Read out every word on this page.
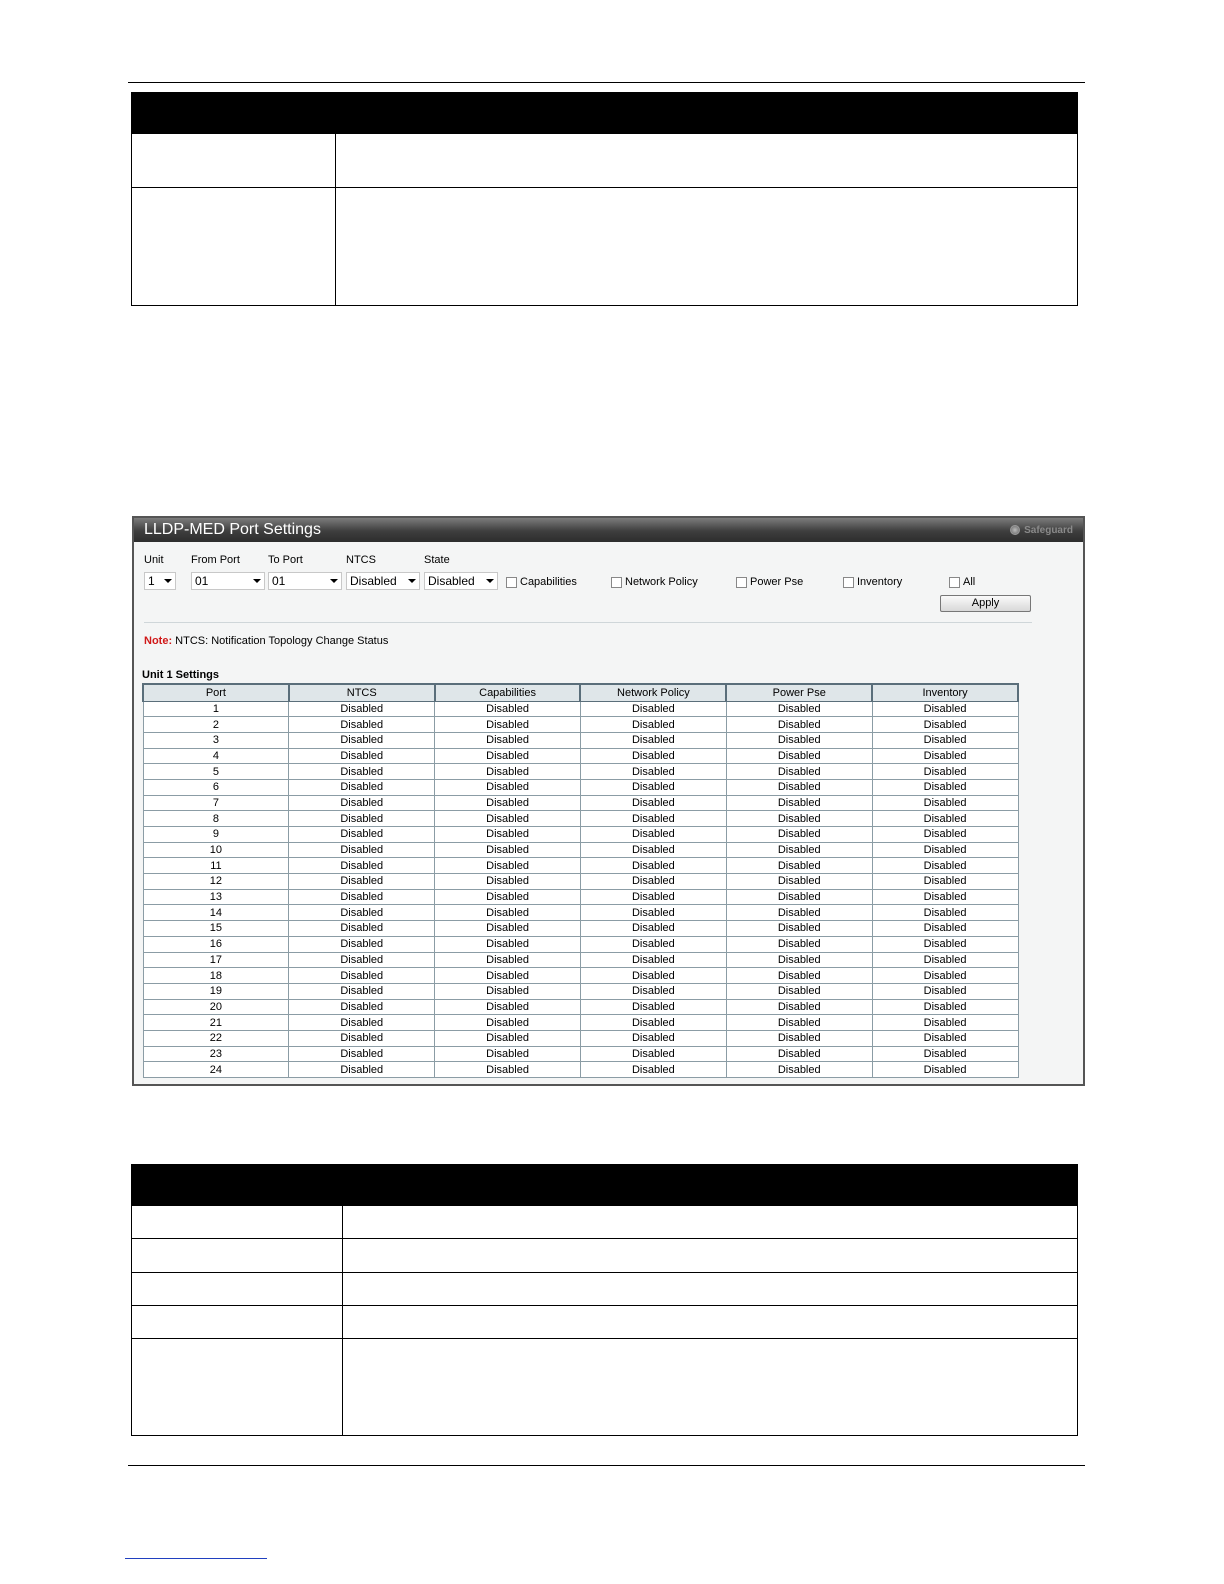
LLDP-MED Port Settings	Safeguard
Unit From Port	To Port	NTCS	State
1	01	01	Disabled	Disabled	Capabilities	Network Policy	Power Pse	Inventory	All
Apply
Note: NTCS: Notification Topology Change Status
Unit 1 Settings
Port	NTCS	Capabilities	Network Policy	Power Pse	Inventory
1	Disabled	Disabled	Disabled	Disabled	Disabled
2	Disabled	Disabled	Disabled	Disabled	Disabled
3	Disabled	Disabled	Disabled	Disabled	Disabled
4	Disabled	Disabled	Disabled	Disabled	Disabled
5	Disabled	Disabled	Disabled	Disabled	Disabled
6	Disabled	Disabled	Disabled	Disabled	Disabled
7	Disabled	Disabled	Disabled	Disabled	Disabled
8	Disabled	Disabled	Disabled	Disabled	Disabled
9	Disabled	Disabled	Disabled	Disabled	Disabled
10	Disabled	Disabled	Disabled	Disabled	Disabled
11	Disabled	Disabled	Disabled	Disabled	Disabled
12	Disabled	Disabled	Disabled	Disabled	Disabled
13	Disabled	Disabled	Disabled	Disabled	Disabled
14	Disabled	Disabled	Disabled	Disabled	Disabled
15	Disabled	Disabled	Disabled	Disabled	Disabled
16	Disabled	Disabled	Disabled	Disabled	Disabled
17	Disabled	Disabled	Disabled	Disabled	Disabled
18	Disabled	Disabled	Disabled	Disabled	Disabled
19	Disabled	Disabled	Disabled	Disabled	Disabled
20	Disabled	Disabled	Disabled	Disabled	Disabled
21	Disabled	Disabled	Disabled	Disabled	Disabled
22	Disabled	Disabled	Disabled	Disabled	Disabled
23	Disabled	Disabled	Disabled	Disabled	Disabled
24	Disabled	Disabled	Disabled	Disabled	Disabled
